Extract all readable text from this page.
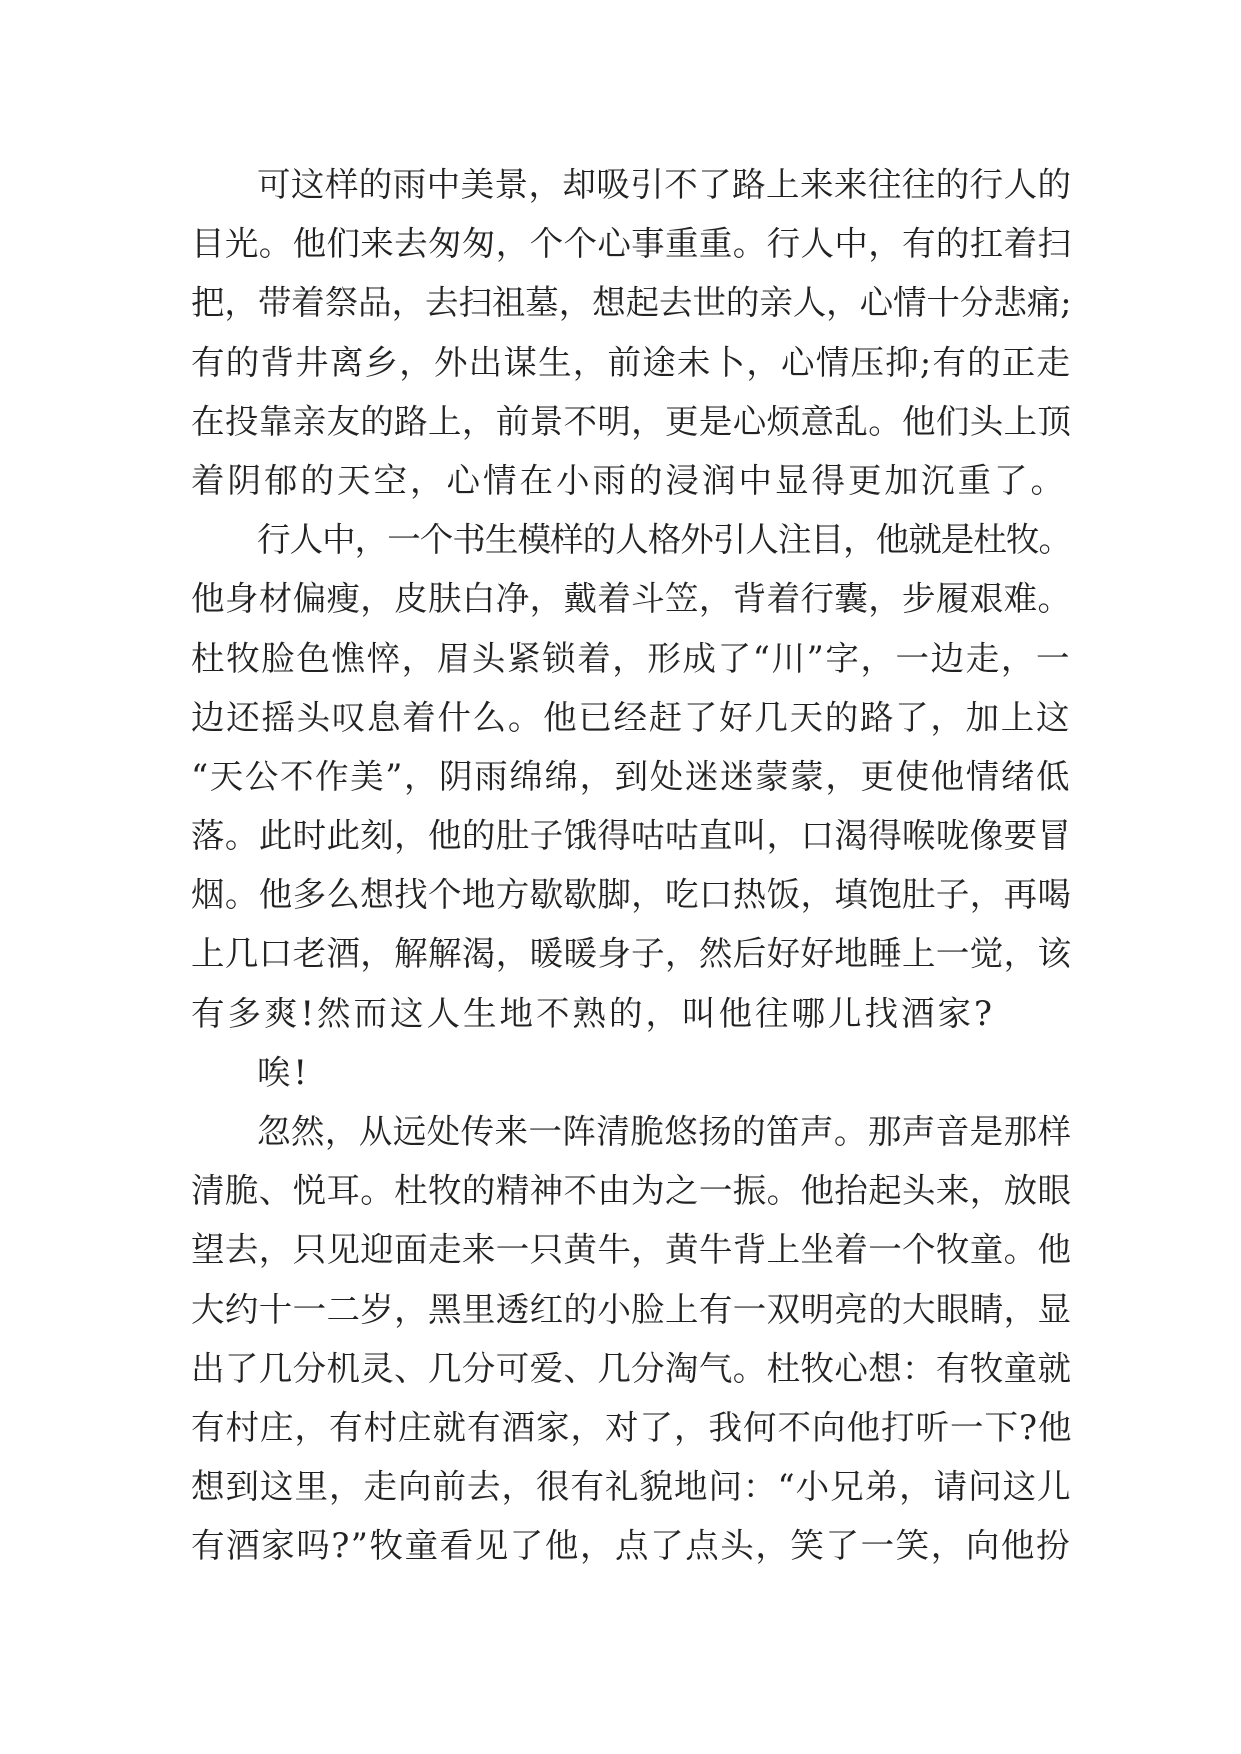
可这样的雨中美景，却吸引不了路上来来往往的行人的
目光。他们来去匆匆，个个心事重重。行人中，有的扛着扫
把，带着祭品，去扫祖墓，想起去世的亲人，心情十分悲痛;
有的背井离乡，外出谋生，前途未卜，心情压抑;有的正走
在投靠亲友的路上，前景不明，更是心烦意乱。他们头上顶
着阴郁的天空，心情在小雨的浸润中显得更加沉重了。
行人中，一个书生模样的人格外引人注目，他就是杜牧。
他身材偏瘦，皮肤白净，戴着斗笠，背着行囊，步履艰难。
杜牧脸色憔悴，眉头紧锁着，形成了“川”字，一边走，一
边还摇头叹息着什么。他已经赶了好几天的路了，加上这
“天公不作美”，阴雨绵绵，到处迷迷蒙蒙，更使他情绪低
落。此时此刻，他的肚子饿得咕咕直叫，口渴得喉咙像要冒
烟。他多么想找个地方歇歇脚，吃口热饭，填饱肚子，再喝
上几口老酒，解解渴，暖暖身子，然后好好地睡上一觉，该
有多爽!然而这人生地不熟的，叫他往哪儿找酒家?
唉!
忽然，从远处传来一阵清脆悠扬的笛声。那声音是那样
清脆、悦耳。杜牧的精神不由为之一振。他抬起头来，放眼
望去，只见迎面走来一只黄牛，黄牛背上坐着一个牧童。他
大约十一二岁，黑里透红的小脸上有一双明亮的大眼睛，显
出了几分机灵、几分可爱、几分淘气。杜牧心想：有牧童就
有村庄，有村庄就有酒家，对了，我何不向他打听一下?他
想到这里，走向前去，很有礼貌地问：“小兄弟，请问这儿
有酒家吗?”牧童看见了他，点了点头，笑了一笑，向他扮
